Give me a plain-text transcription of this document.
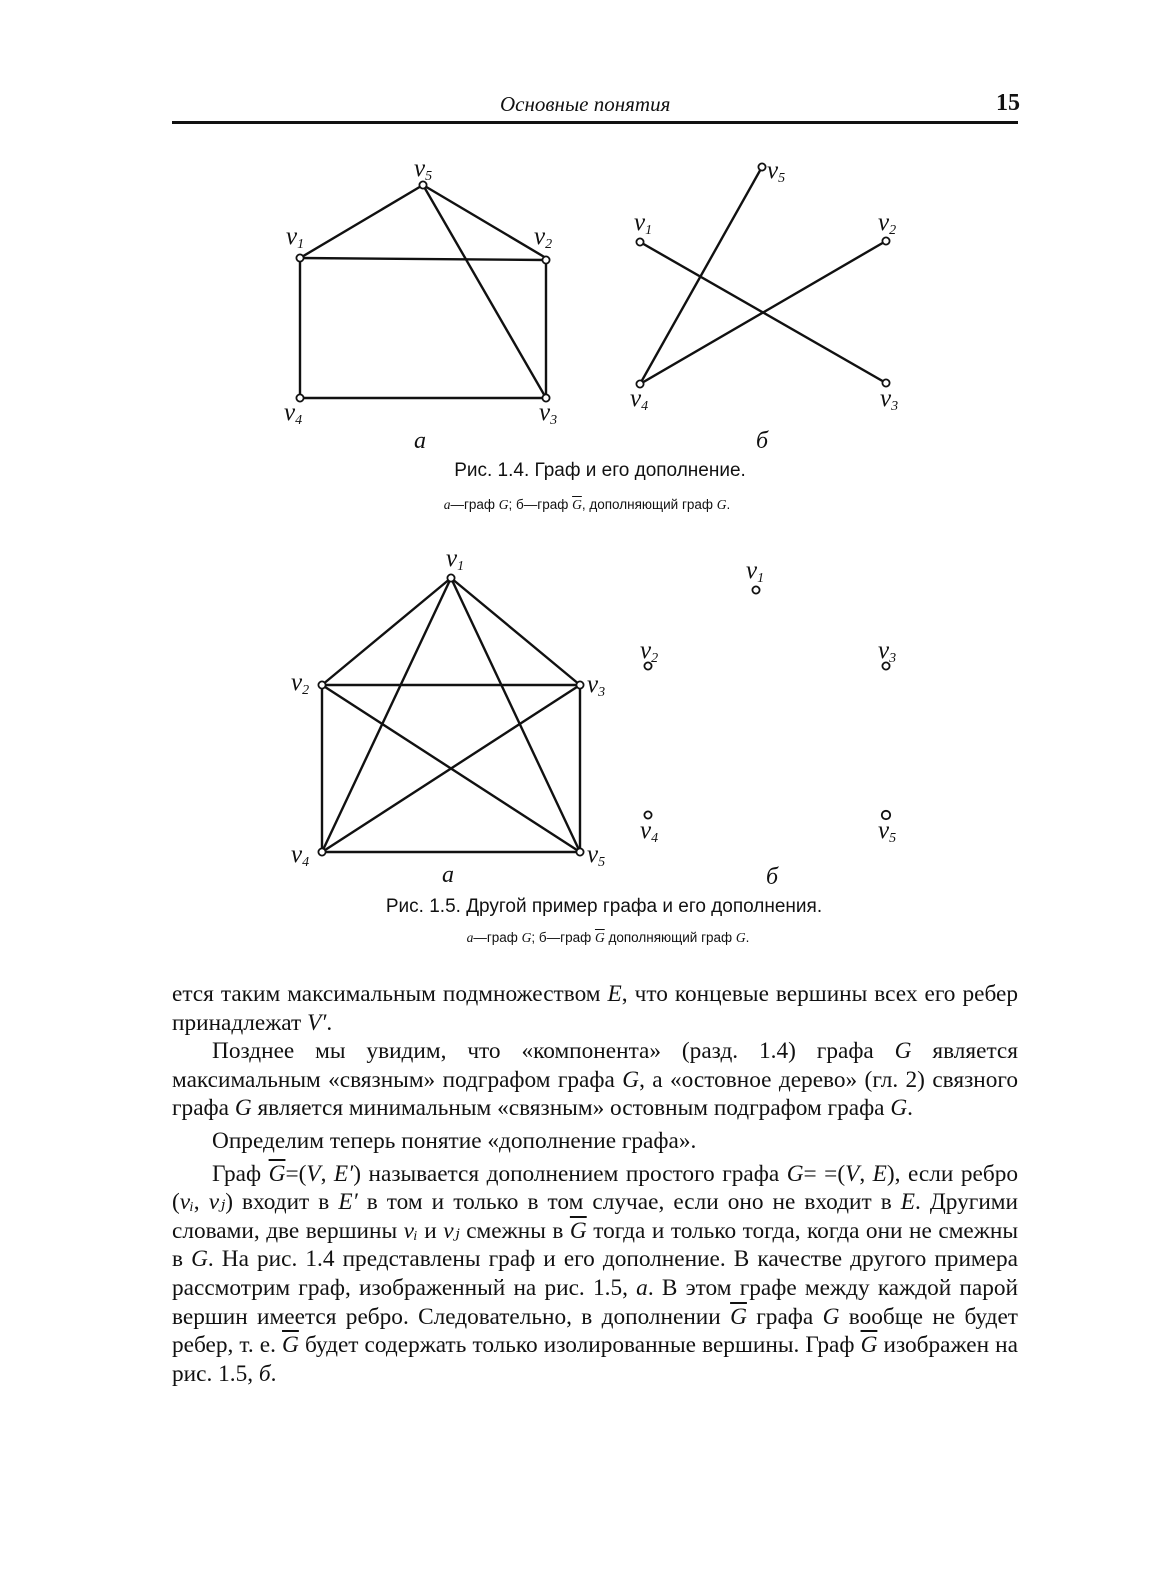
Основные понятия	15
v1	v2
v3
v4
v5
a
v1	v2
v3
v4
v5
б
v1
v2	v3
v4	v5
a
v1
v2	v3
v4	v5
б
Рис. 1.4. Граф и его дополнение.
a—граф G; б—граф $\overline{G}$, дополняющий граф G.
Рис. 1.5. Другой пример графа и его дополнения.
a—граф G; б—граф $\overline{G}$ дополняющий граф G.

ется таким максимальным подмножеством E, что концевые вершины всех его ребер принадлежат V′.

Позднее мы увидим, что «компонента» (разд. 1.4) графа G является максимальным «связным» подграфом графа G, а «остовное дерево» (гл. 2) связного графа G является минимальным «связным» остовным подграфом графа G.

Определим теперь понятие «дополнение графа».

Граф $\overline{G}=(V$, E′) называется дополнением простого графа G= =(V, E), если ребро (vᵢ, vⱼ) входит в E′ в том и только в том случае, если оно не входит в E. Другими словами, две вершины vᵢ и vⱼ смежны в $\overline{G}$ тогда и только тогда, когда они не смежны в G. На рис. 1.4 представлены граф и его дополнение. В качестве другого примера рассмотрим граф, изображенный на рис. 1.5, a. В этом графе между каждой парой вершин имеется ребро. Следовательно, в дополнении $\overline{G}$ графа G вообще не будет ребер, т. е. $\overline{G}$ будет содержать только изолированные вершины. Граф $\overline{G}$ изображен на рис. 1.5, б.
